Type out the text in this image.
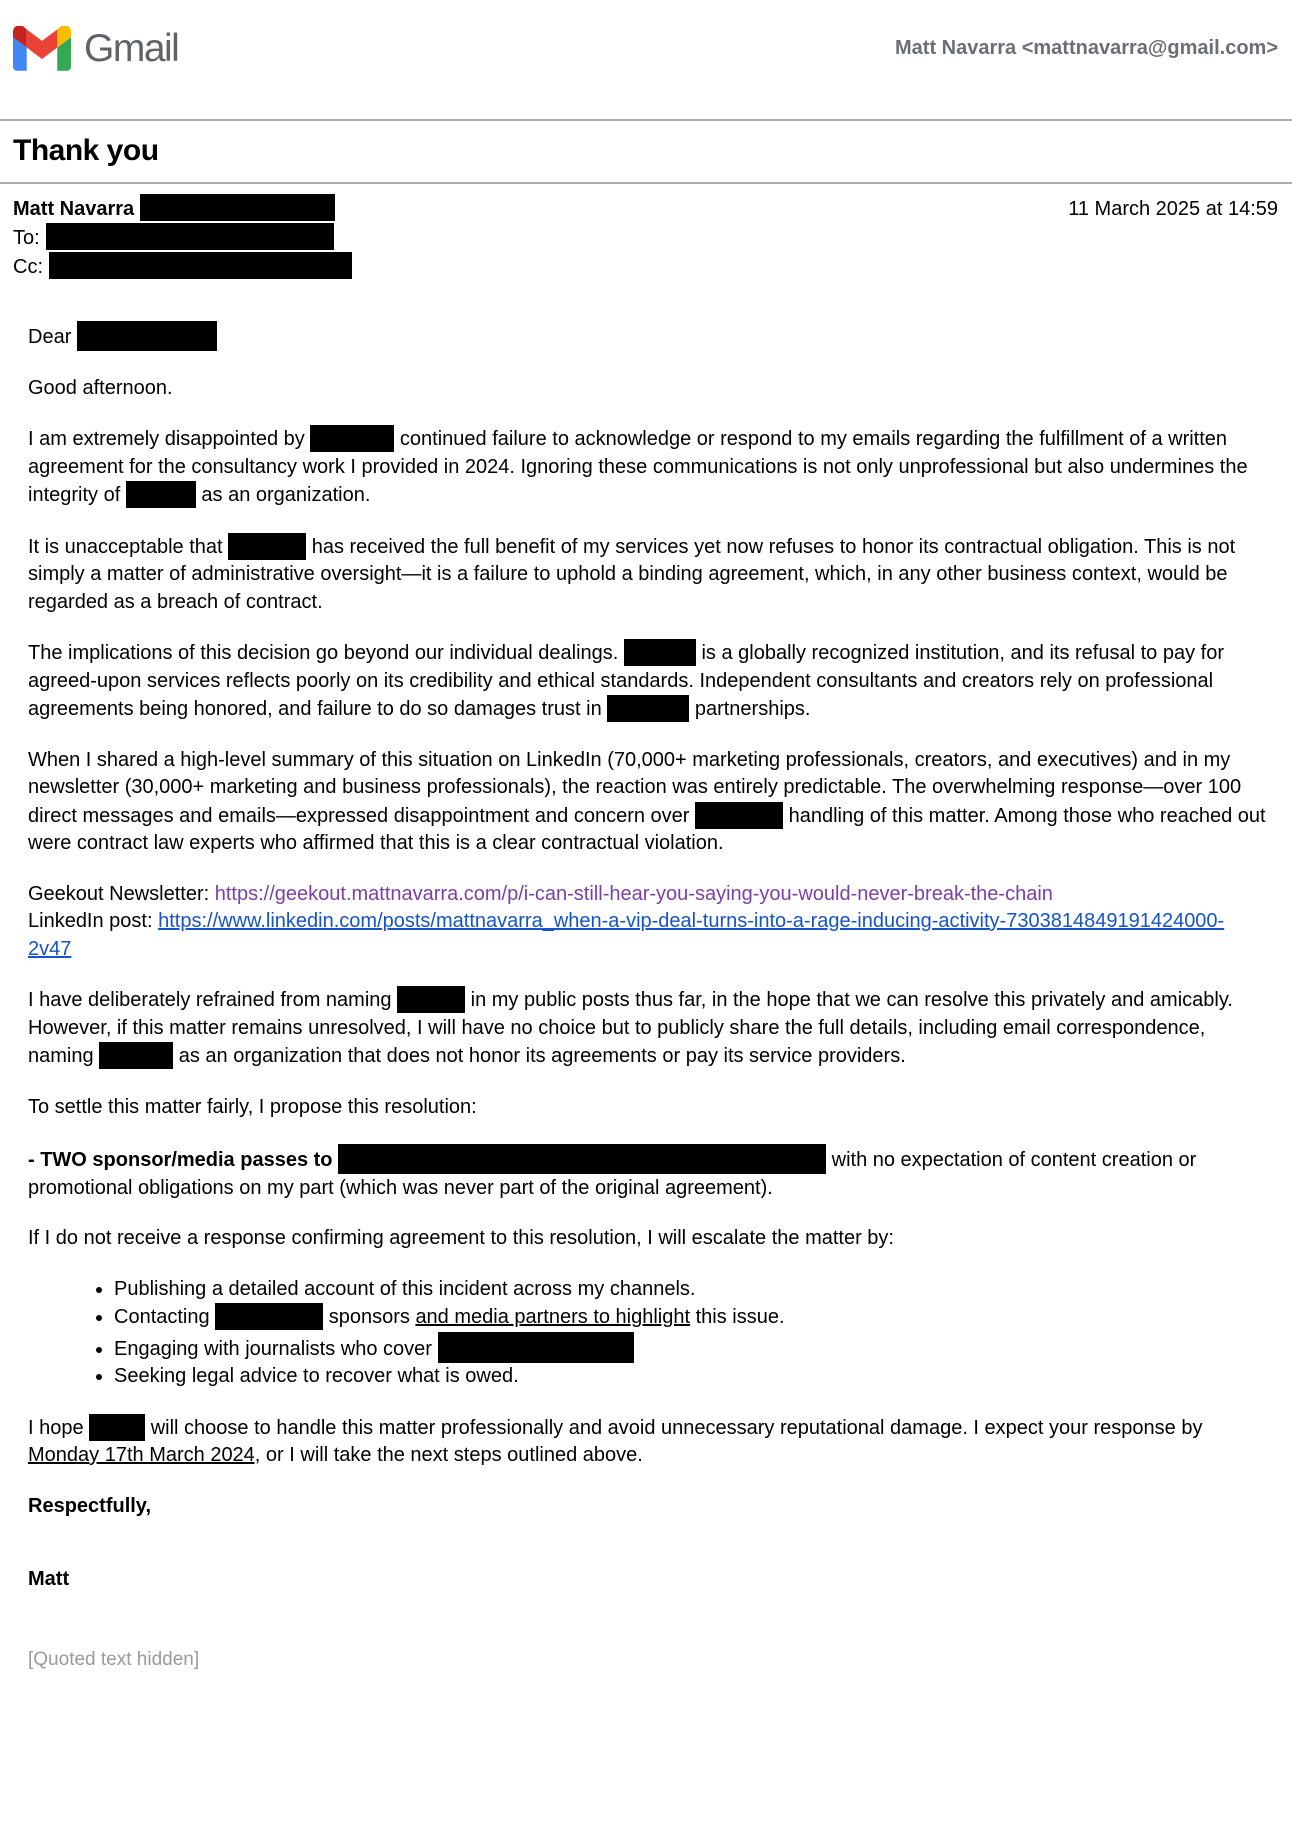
Gmail	Matt Navarra <mattnavarra@gmail.com>
Thank you
Matt Navarra
To:
Cc:
11 March 2025 at 14:59

Dear

Good afternoon.

I am extremely disappointed by	continued failure to acknowledge or respond to my emails regarding the fulfillment of a written agreement for the consultancy work I provided in 2024. Ignoring these communications is not only unprofessional but also undermines the integrity of	as an organization.

It is unacceptable that	has received the full benefit of my services yet now refuses to honor its contractual obligation. This is not simply a matter of administrative oversight—it is a failure to uphold a binding agreement, which, in any other business context, would be regarded as a breach of contract.

The implications of this decision go beyond our individual dealings.	is a globally recognized institution, and its refusal to pay for agreed-upon services reflects poorly on its credibility and ethical standards. Independent consultants and creators rely on professional agreements being honored, and failure to do so damages trust in	partnerships.

When I shared a high-level summary of this situation on LinkedIn (70,000+ marketing professionals, creators, and executives) and in my newsletter (30,000+ marketing and business professionals), the reaction was entirely predictable. The overwhelming response—over 100 direct messages and emails—expressed disappointment and concern over	handling of this matter. Among those who reached out were contract law experts who affirmed that this is a clear contractual violation.

Geekout Newsletter: https://geekout.mattnavarra.com/p/i-can-still-hear-you-saying-you-would-never-break-the-chain
LinkedIn post: https://www.linkedin.com/posts/mattnavarra_when-a-vip-deal-turns-into-a-rage-inducing-activity-7303814849191424000-2v47

I have deliberately refrained from naming	in my public posts thus far, in the hope that we can resolve this privately and amicably. However, if this matter remains unresolved, I will have no choice but to publicly share the full details, including email correspondence, naming	as an organization that does not honor its agreements or pay its service providers.

To settle this matter fairly, I propose this resolution:

- TWO sponsor/media passes to	with no expectation of content creation or promotional obligations on my part (which was never part of the original agreement).

If I do not receive a response confirming agreement to this resolution, I will escalate the matter by:

• Publishing a detailed account of this incident across my channels.
• Contacting	sponsors and media partners to highlight this issue.
• Engaging with journalists who cover
• Seeking legal advice to recover what is owed.

I hope	will choose to handle this matter professionally and avoid unnecessary reputational damage. I expect your response by Monday 17th March 2024, or I will take the next steps outlined above.

Respectfully,

Matt

[Quoted text hidden]
